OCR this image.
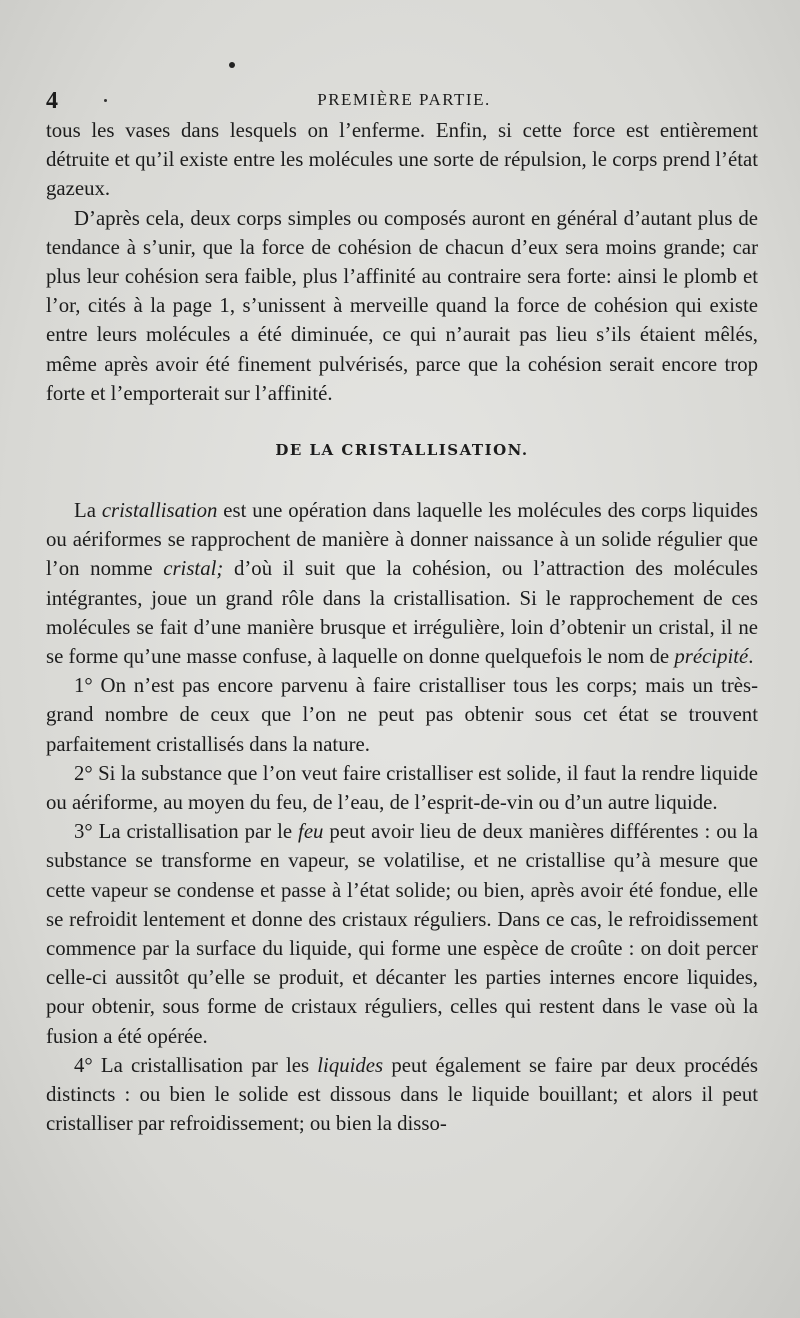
4	PREMIÈRE PARTIE.

tous les vases dans lesquels on l’enferme. Enfin, si cette force est entièrement détruite et qu’il existe entre les molécules une sorte de répulsion, le corps prend l’état gazeux.

D’après cela, deux corps simples ou composés auront en général d’autant plus de tendance à s’unir, que la force de cohésion de chacun d’eux sera moins grande; car plus leur cohésion sera faible, plus l’affinité au contraire sera forte: ainsi le plomb et l’or, cités à la page 1, s’unissent à merveille quand la force de cohésion qui existe entre leurs molécules a été diminuée, ce qui n’aurait pas lieu s’ils étaient mêlés, même après avoir été finement pulvérisés, parce que la cohésion serait encore trop forte et l’emporterait sur l’affinité.

DE LA CRISTALLISATION.

La cristallisation est une opération dans laquelle les molécules des corps liquides ou aériformes se rapprochent de manière à donner naissance à un solide régulier que l’on nomme cristal; d’où il suit que la cohésion, ou l’attraction des molécules intégrantes, joue un grand rôle dans la cristallisation. Si le rapprochement de ces molécules se fait d’une manière brusque et irrégulière, loin d’obtenir un cristal, il ne se forme qu’une masse confuse, à laquelle on donne quelquefois le nom de précipité.

1° On n’est pas encore parvenu à faire cristalliser tous les corps; mais un très-grand nombre de ceux que l’on ne peut pas obtenir sous cet état se trouvent parfaitement cristallisés dans la nature.

2° Si la substance que l’on veut faire cristalliser est solide, il faut la rendre liquide ou aériforme, au moyen du feu, de l’eau, de l’esprit-de-vin ou d’un autre liquide.

3° La cristallisation par le feu peut avoir lieu de deux manières différentes : ou la substance se transforme en vapeur, se volatilise, et ne cristallise qu’à mesure que cette vapeur se condense et passe à l’état solide; ou bien, après avoir été fondue, elle se refroidit lentement et donne des cristaux réguliers. Dans ce cas, le refroidissement commence par la surface du liquide, qui forme une espèce de croûte : on doit percer celle-ci aussitôt qu’elle se produit, et décanter les parties internes encore liquides, pour obtenir, sous forme de cristaux réguliers, celles qui restent dans le vase où la fusion a été opérée.

4° La cristallisation par les liquides peut également se faire par deux procédés distincts : ou bien le solide est dissous dans le liquide bouillant; et alors il peut cristalliser par refroidissement; ou bien la disso-
